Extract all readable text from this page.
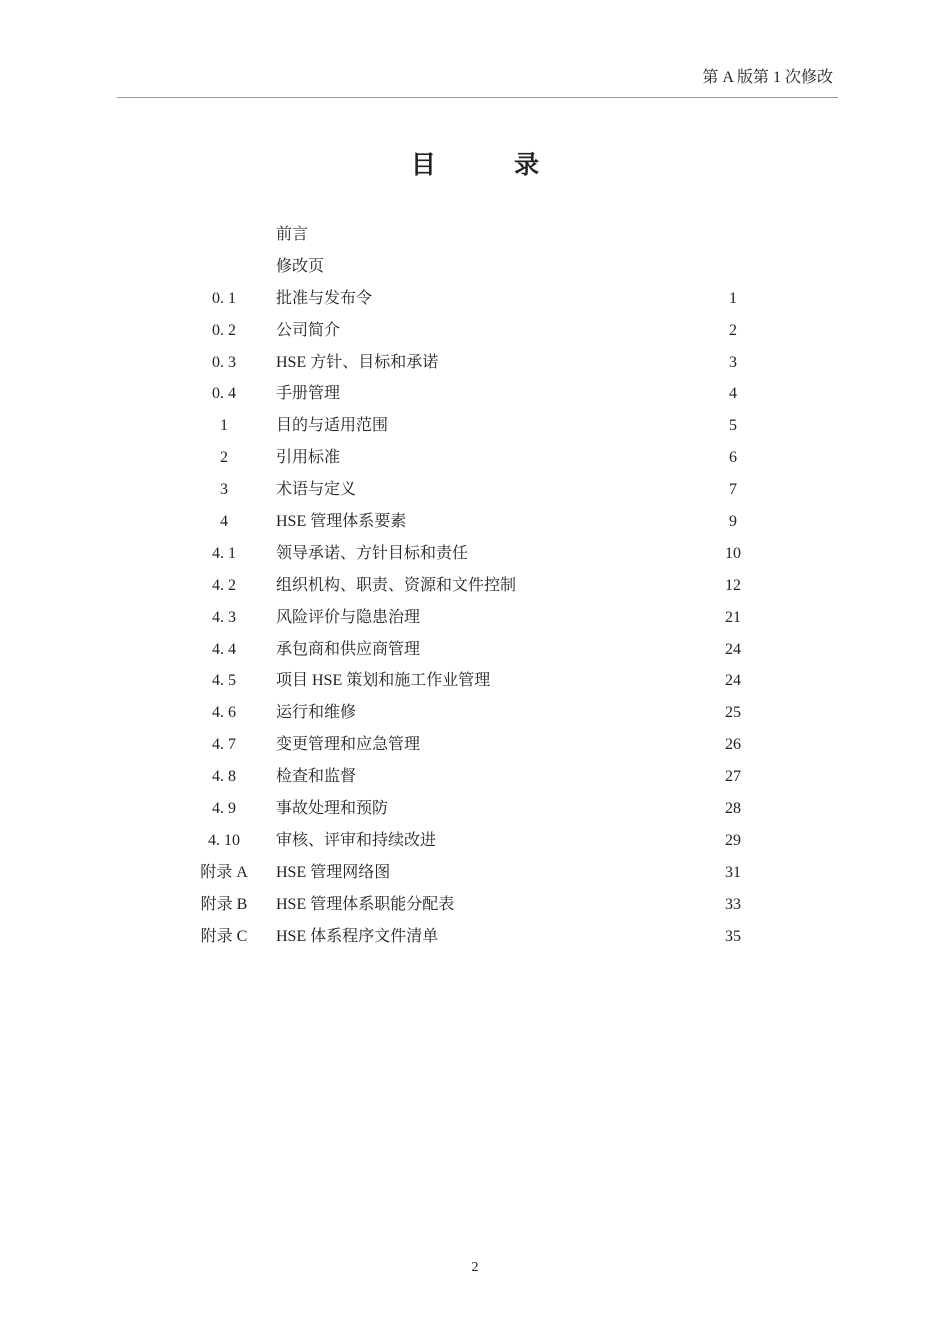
第 A 版第 1 次修改
目 录
前言
修改页
0. 1	批准与发布令	1
0. 2	公司简介	2
0. 3	HSE 方针、目标和承诺	3
0. 4	手册管理	4
1	目的与适用范围	5
2	引用标准	6
3	术语与定义	7
4	HSE 管理体系要素	9
4. 1	领导承诺、方针目标和责任	10
4. 2	组织机构、职责、资源和文件控制	12
4. 3	风险评价与隐患治理	21
4. 4	承包商和供应商管理	24
4. 5	项目 HSE 策划和施工作业管理	24
4. 6	运行和维修	25
4. 7	变更管理和应急管理	26
4. 8	检查和监督	27
4. 9	事故处理和预防	28
4. 10	审核、评审和持续改进	29
附录 A	HSE 管理网络图	31
附录 B	HSE 管理体系职能分配表	33
附录 C	HSE 体系程序文件清单	35
2
